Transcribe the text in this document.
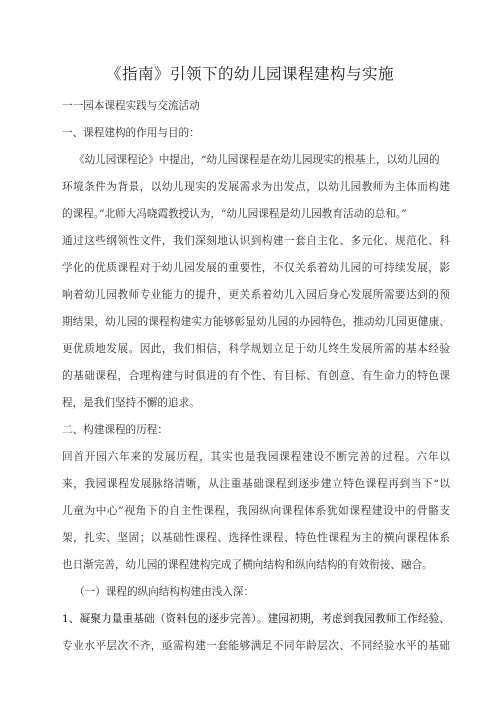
《指南》引领下的幼儿园课程建构与实施
一一园本课程实践与交流活动
一、课程建构的作用与目的：
《幼儿园课程论》中提出，“幼儿园课程是在幼儿园现实的根基上，以幼儿园的
环境条件为背景，以幼儿现实的发展需求为出发点，以幼儿园教师为主体而构建
的课程。”北师大冯晓霞教授认为，“幼儿园课程是幼儿园教育活动的总和。”
通过这些纲领性文件，我们深刻地认识到构建一套自主化、多元化、规范化、科
学化的优质课程对于幼儿园发展的重要性，不仅关系着幼儿园的可持续发展，影
响着幼儿园教师专业能力的提升，更关系着幼儿入园后身心发展所需要达到的预
期结果，幼儿园的课程构建实力能够彰显幼儿园的办园特色，推动幼儿园更健康、
更优质地发展。因此，我们相信，科学规划立足于幼儿终生发展所需的基本经验
的基础课程，合理构建与时俱进的有个性、有目标、有创意、有生命力的特色课
程，是我们坚持不懈的追求。
二、构建课程的历程：
回首开园六年来的发展历程，其实也是我园课程建设不断完善的过程。六年以
来，我园课程发展脉络清晰，从注重基础课程到逐步建立特色课程再到当下“以
儿童为中心”视角下的自主性课程，我园纵向课程体系犹如课程建设中的骨骼支
架，扎实、坚固；以基础性课程、选择性课程、特色性课程为主的横向课程体系
也日渐完善，幼儿园的课程建构完成了横向结构和纵向结构的有效衔接、融合。
（一）课程的纵向结构构建由浅入深：
1、凝聚力量重基础（资料包的逐步完善）。建园初期，考虑到我园教师工作经验、
专业水平层次不齐，亟需构建一套能够满足不同年龄层次、不同经验水平的基础
